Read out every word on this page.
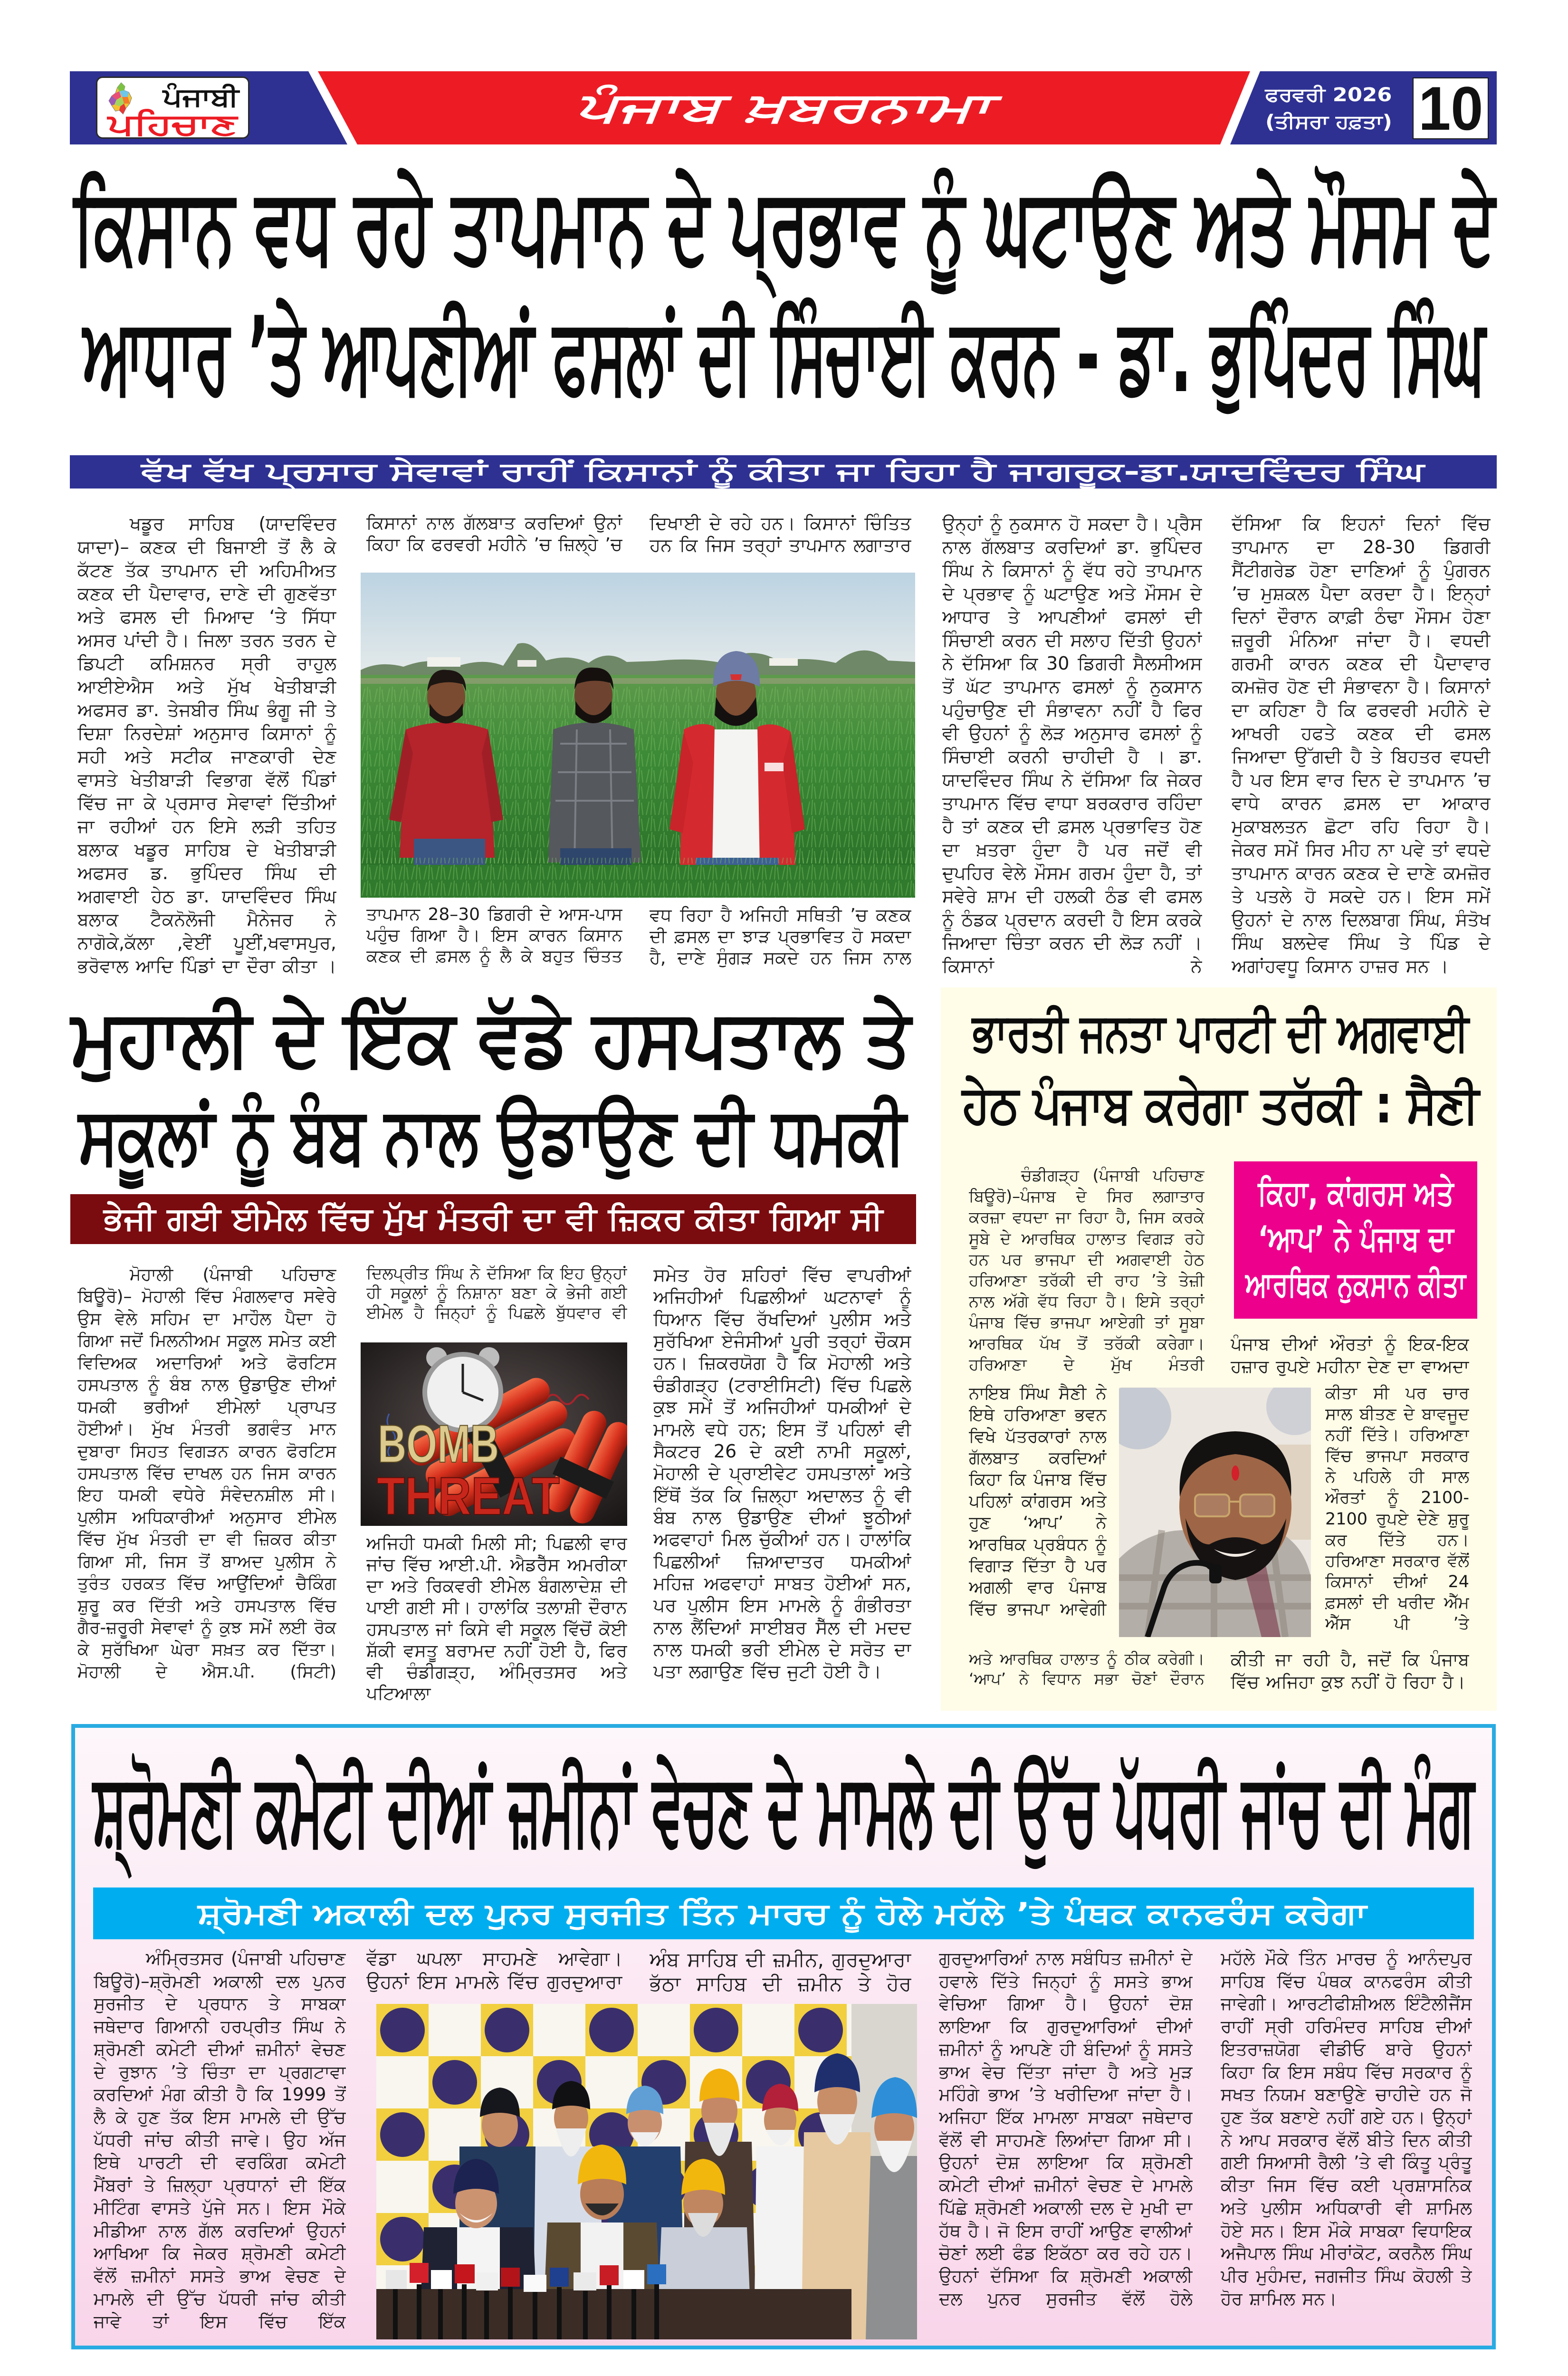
ਪੰਜਾਬੀ
ਪਹਿਚਾਣ	ਪੰਜਾਬ ਖ਼ਬਰਨਾਮਾ	ਫਰਵਰੀ 2026
(ਤੀਸਰਾ ਹਫ਼ਤਾ) 10
ਕਿਸਾਨ ਵਧ ਰਹੇ ਤਾਪਮਾਨ ਦੇ ਪ੍ਰਭਾਵ ਨੂੰ ਘਟਾਉਣ ਅਤੇ ਮੌਸਮ ਦੇ
ਆਧਾਰ ’ਤੇ ਆਪਣੀਆਂ ਫਸਲਾਂ ਦੀ ਸਿੰਚਾਈ ਕਰਨ - ਡਾ. ਭੁਪਿੰਦਰ ਸਿੰਘ
ਵੱਖ ਵੱਖ ਪ੍ਰਸਾਰ ਸੇਵਾਵਾਂ ਰਾਹੀਂ ਕਿਸਾਨਾਂ ਨੂੰ ਕੀਤਾ ਜਾ ਰਿਹਾ ਹੈ ਜਾਗਰੂਕ-ਡਾ.ਯਾਦਵਿੰਦਰ ਸਿੰਘ
ਖਡੂਰ ਸਾਹਿਬ (ਯਾਦਵਿੰਦਰ ਯਾਦਾ)– ਕਣਕ ਦੀ ਬਿਜਾਈ ਤੋਂ ਲੈ ਕੇ ਕੱਟਣ ਤੱਕ ਤਾਪਮਾਨ ਦੀ ਅਹਿਮੀਅਤ ਕਣਕ ਦੀ ਪੈਦਾਵਾਰ, ਦਾਣੇ ਦੀ ਗੁਣਵੱਤਾ ਅਤੇ ਫਸਲ ਦੀ ਮਿਆਦ ‘ਤੇ ਸਿੱਧਾ ਅਸਰ ਪਾਂਦੀ ਹੈ। ਜਿਲਾ ਤਰਨ ਤਰਨ ਦੇ ਡਿਪਟੀ ਕਮਿਸ਼ਨਰ ਸ੍ਰੀ ਰਾਹੁਲ ਆਈਏਐਸ ਅਤੇ ਮੁੱਖ ਖੇਤੀਬਾੜੀ ਅਫਸਰ ਡਾ. ਤੇਜਬੀਰ ਸਿੰਘ ਭੰਗੂ ਜੀ ਤੇ ਦਿਸ਼ਾ ਨਿਰਦੇਸ਼ਾਂ ਅਨੁਸਾਰ ਕਿਸਾਨਾਂ ਨੂੰ ਸਹੀ ਅਤੇ ਸਟੀਕ ਜਾਣਕਾਰੀ ਦੇਣ ਵਾਸਤੇ ਖੇਤੀਬਾੜੀ ਵਿਭਾਗ ਵੱਲੋਂ ਪਿੰਡਾਂ ਵਿੱਚ ਜਾ ਕੇ ਪ੍ਰਸਾਰ ਸੇਵਾਵਾਂ ਦਿੱਤੀਆਂ ਜਾ ਰਹੀਆਂ ਹਨ ਇਸੇ ਲੜੀ ਤਹਿਤ ਬਲਾਕ ਖਡੂਰ ਸਾਹਿਬ ਦੇ ਖੇਤੀਬਾੜੀ ਅਫਸਰ ਡ. ਭੁਪਿੰਦਰ ਸਿੰਘ ਦੀ ਅਗਵਾਈ ਹੇਠ ਡਾ. ਯਾਦਵਿੰਦਰ ਸਿੰਘ ਬਲਾਕ ਟੈਕਨੋਲੋਜੀ ਮੈਨੇਜਰ ਨੇ ਨਾਗੋਕੇ,ਕੱਲਾ ,ਵੇਈਂ ਪੂਈਂ,ਖਵਾਸਪੁਰ, ਭਰੋਵਾਲ ਆਦਿ ਪਿੰਡਾਂ ਦਾ ਦੌਰਾ ਕੀਤਾ ।
ਕਿਸਾਨਾਂ ਨਾਲ ਗੱਲਬਾਤ ਕਰਦਿਆਂ ਉਨਾਂ ਕਿਹਾ ਕਿ ਫਰਵਰੀ ਮਹੀਨੇ ’ਚ ਜ਼ਿਲ੍ਹੇ ’ਚ
ਦਿਖਾਈ ਦੇ ਰਹੇ ਹਨ। ਕਿਸਾਨਾਂ ਚਿੰਤਿਤ ਹਨ ਕਿ ਜਿਸ ਤਰ੍ਹਾਂ ਤਾਪਮਾਨ ਲਗਾਤਾਰ
ਤਾਪਮਾਨ 28–30 ਡਿਗਰੀ ਦੇ ਆਸ-ਪਾਸ ਪਹੁੰਚ ਗਿਆ ਹੈ। ਇਸ ਕਾਰਨ ਕਿਸਾਨ ਕਣਕ ਦੀ ਫ਼ਸਲ ਨੂੰ ਲੈ ਕੇ ਬਹੁਤ ਚਿੰਤਤ
ਵਧ ਰਿਹਾ ਹੈ ਅਜਿਹੀ ਸਥਿਤੀ ’ਚ ਕਣਕ ਦੀ ਫ਼ਸਲ ਦਾ ਝਾੜ ਪ੍ਰਭਾਵਿਤ ਹੋ ਸਕਦਾ ਹੈ, ਦਾਣੇ ਸੁੰਗੜ ਸਕਦੇ ਹਨ ਜਿਸ ਨਾਲ
ਉਨ੍ਹਾਂ ਨੂੰ ਨੁਕਸਾਨ ਹੋ ਸਕਦਾ ਹੈ। ਪ੍ਰੈਸ ਨਾਲ ਗੱਲਬਾਤ ਕਰਦਿਆਂ ਡਾ. ਭੁਪਿੰਦਰ ਸਿੰਘ ਨੇ ਕਿਸਾਨਾਂ ਨੂੰ ਵੱਧ ਰਹੇ ਤਾਪਮਾਨ ਦੇ ਪ੍ਰਭਾਵ ਨੂੰ ਘਟਾਉਣ ਅਤੇ ਮੌਸਮ ਦੇ ਆਧਾਰ ਤੇ ਆਪਣੀਆਂ ਫਸਲਾਂ ਦੀ ਸਿੰਚਾਈ ਕਰਨ ਦੀ ਸਲਾਹ ਦਿੱਤੀ ਉਹਨਾਂ ਨੇ ਦੱਸਿਆ ਕਿ 30 ਡਿਗਰੀ ਸੈਲਸੀਅਸ ਤੋਂ ਘੱਟ ਤਾਪਮਾਨ ਫਸਲਾਂ ਨੂੰ ਨੁਕਸਾਨ ਪਹੁੰਚਾਉਣ ਦੀ ਸੰਭਾਵਨਾ ਨਹੀਂ ਹੈ ਫਿਰ ਵੀ ਉਹਨਾਂ ਨੂੰ ਲੋੜ ਅਨੁਸਾਰ ਫਸਲਾਂ ਨੂੰ ਸਿੰਚਾਈ ਕਰਨੀ ਚਾਹੀਦੀ ਹੈ । ਡਾ. ਯਾਦਵਿੰਦਰ ਸਿੰਘ ਨੇ ਦੱਸਿਆ ਕਿ ਜੇਕਰ ਤਾਪਮਾਨ ਵਿੱਚ ਵਾਧਾ ਬਰਕਰਾਰ ਰਹਿੰਦਾ ਹੈ ਤਾਂ ਕਣਕ ਦੀ ਫ਼ਸਲ ਪ੍ਰਭਾਵਿਤ ਹੋਣ ਦਾ ਖ਼ਤਰਾ ਹੁੰਦਾ ਹੈ ਪਰ ਜਦੋਂ ਵੀ ਦੁਪਹਿਰ ਵੇਲੇ ਮੌਸਮ ਗਰਮ ਹੁੰਦਾ ਹੈ, ਤਾਂ ਸਵੇਰੇ ਸ਼ਾਮ ਦੀ ਹਲਕੀ ਠੰਡ ਵੀ ਫਸਲ ਨੂੰ ਠੰਡਕ ਪ੍ਰਦਾਨ ਕਰਦੀ ਹੈ ਇਸ ਕਰਕੇ ਜਿਆਦਾ ਚਿੰਤਾ ਕਰਨ ਦੀ ਲੋੜ ਨਹੀਂ । ਕਿਸਾਨਾਂ ਨੇ
ਦੱਸਿਆ ਕਿ ਇਹਨਾਂ ਦਿਨਾਂ ਵਿੱਚ ਤਾਪਮਾਨ ਦਾ 28-30 ਡਿਗਰੀ ਸੈਂਟੀਗਰੇਡ ਹੋਣਾ ਦਾਣਿਆਂ ਨੂੰ ਪੁੰਗਰਨ ’ਚ ਮੁਸ਼ਕਲ ਪੈਦਾ ਕਰਦਾ ਹੈ। ਇਨ੍ਹਾਂ ਦਿਨਾਂ ਦੌਰਾਨ ਕਾਫ਼ੀ ਠੰਢਾ ਮੌਸਮ ਹੋਣਾ ਜ਼ਰੂਰੀ ਮੰਨਿਆ ਜਾਂਦਾ ਹੈ। ਵਧਦੀ ਗਰਮੀ ਕਾਰਨ ਕਣਕ ਦੀ ਪੈਦਾਵਾਰ ਕਮਜ਼ੋਰ ਹੋਣ ਦੀ ਸੰਭਾਵਨਾ ਹੈ। ਕਿਸਾਨਾਂ ਦਾ ਕਹਿਣਾ ਹੈ ਕਿ ਫਰਵਰੀ ਮਹੀਨੇ ਦੇ ਆਖਰੀ ਹਫਤੇ ਕਣਕ ਦੀ ਫਸਲ ਜਿਆਦਾ ਉੱਗਦੀ ਹੈ ਤੇ ਬਿਹਤਰ ਵਧਦੀ ਹੈ ਪਰ ਇਸ ਵਾਰ ਦਿਨ ਦੇ ਤਾਪਮਾਨ ’ਚ ਵਾਧੇ ਕਾਰਨ ਫ਼ਸਲ ਦਾ ਆਕਾਰ ਮੁਕਾਬਲਤਨ ਛੋਟਾ ਰਹਿ ਰਿਹਾ ਹੈ। ਜੇਕਰ ਸਮੇਂ ਸਿਰ ਮੀਹ ਨਾ ਪਵੇ ਤਾਂ ਵਧਦੇ ਤਾਪਮਾਨ ਕਾਰਨ ਕਣਕ ਦੇ ਦਾਣੇ ਕਮਜ਼ੋਰ ਤੇ ਪਤਲੇ ਹੋ ਸਕਦੇ ਹਨ। ਇਸ ਸਮੇਂ ਉਹਨਾਂ ਦੇ ਨਾਲ ਦਿਲਬਾਗ ਸਿੰਘ, ਸੰਤੋਖ ਸਿੰਘ ਬਲਦੇਵ ਸਿੰਘ ਤੇ ਪਿੰਡ ਦੇ ਅਗਾਂਹਵਧੂ ਕਿਸਾਨ ਹਾਜ਼ਰ ਸਨ ।
ਮੁਹਾਲੀ ਦੇ ਇੱਕ ਵੱਡੇ ਹਸਪਤਾਲ ਤੇ
ਸਕੂਲਾਂ ਨੂੰ ਬੰਬ ਨਾਲ ਉਡਾਉਣ ਦੀ ਧਮਕੀ
ਭੇਜੀ ਗਈ ਈਮੇਲ ਵਿੱਚ ਮੁੱਖ ਮੰਤਰੀ ਦਾ ਵੀ ਜ਼ਿਕਰ ਕੀਤਾ ਗਿਆ ਸੀ
ਮੋਹਾਲੀ (ਪੰਜਾਬੀ ਪਹਿਚਾਣ ਬਿਊਰੋ)– ਮੋਹਾਲੀ ਵਿੱਚ ਮੰਗਲਵਾਰ ਸਵੇਰੇ ਉਸ ਵੇਲੇ ਸਹਿਮ ਦਾ ਮਾਹੌਲ ਪੈਦਾ ਹੋ ਗਿਆ ਜਦੋਂ ਮਿਲਨੀਅਮ ਸਕੂਲ ਸਮੇਤ ਕਈ ਵਿਦਿਅਕ ਅਦਾਰਿਆਂ ਅਤੇ ਫੋਰਟਿਸ ਹਸਪਤਾਲ ਨੂੰ ਬੰਬ ਨਾਲ ਉਡਾਉਣ ਦੀਆਂ ਧਮਕੀ ਭਰੀਆਂ ਈਮੇਲਾਂ ਪ੍ਰਾਪਤ ਹੋਈਆਂ। ਮੁੱਖ ਮੰਤਰੀ ਭਗਵੰਤ ਮਾਨ ਦੁਬਾਰਾ ਸਿਹਤ ਵਿਗੜਨ ਕਾਰਨ ਫੋਰਟਿਸ ਹਸਪਤਾਲ ਵਿੱਚ ਦਾਖਲ ਹਨ ਜਿਸ ਕਾਰਨ ਇਹ ਧਮਕੀ ਵਧੇਰੇ ਸੰਵੇਦਨਸ਼ੀਲ ਸੀ। ਪੁਲੀਸ ਅਧਿਕਾਰੀਆਂ ਅਨੁਸਾਰ ਈਮੇਲ ਵਿੱਚ ਮੁੱਖ ਮੰਤਰੀ ਦਾ ਵੀ ਜ਼ਿਕਰ ਕੀਤਾ ਗਿਆ ਸੀ, ਜਿਸ ਤੋਂ ਬਾਅਦ ਪੁਲੀਸ ਨੇ ਤੁਰੰਤ ਹਰਕਤ ਵਿੱਚ ਆਉਂਦਿਆਂ ਚੈਕਿੰਗ ਸ਼ੁਰੂ ਕਰ ਦਿੱਤੀ ਅਤੇ ਹਸਪਤਾਲ ਵਿੱਚ ਗੈਰ-ਜ਼ਰੂਰੀ ਸੇਵਾਵਾਂ ਨੂੰ ਕੁਝ ਸਮੇਂ ਲਈ ਰੋਕ ਕੇ ਸੁਰੱਖਿਆ ਘੇਰਾ ਸਖ਼ਤ ਕਰ ਦਿੱਤਾ। ਮੋਹਾਲੀ ਦੇ ਐਸ.ਪੀ. (ਸਿਟੀ)
ਦਿਲਪ੍ਰੀਤ ਸਿੰਘ ਨੇ ਦੱਸਿਆ ਕਿ ਇਹ ਉਨ੍ਹਾਂ ਹੀ ਸਕੂਲਾਂ ਨੂੰ ਨਿਸ਼ਾਨਾ ਬਣਾ ਕੇ ਭੇਜੀ ਗਈ ਈਮੇਲ ਹੈ ਜਿਨ੍ਹਾਂ ਨੂੰ ਪਿਛਲੇ ਬੁੱਧਵਾਰ ਵੀ
BOMB
THREAT
ਅਜਿਹੀ ਧਮਕੀ ਮਿਲੀ ਸੀ; ਪਿਛਲੀ ਵਾਰ ਜਾਂਚ ਵਿੱਚ ਆਈ.ਪੀ. ਐਡਰੈੱਸ ਅਮਰੀਕਾ ਦਾ ਅਤੇ ਰਿਕਵਰੀ ਈਮੇਲ ਬੰਗਲਾਦੇਸ਼ ਦੀ ਪਾਈ ਗਈ ਸੀ। ਹਾਲਾਂਕਿ ਤਲਾਸ਼ੀ ਦੌਰਾਨ ਹਸਪਤਾਲ ਜਾਂ ਕਿਸੇ ਵੀ ਸਕੂਲ ਵਿੱਚੋਂ ਕੋਈ ਸ਼ੱਕੀ ਵਸਤੂ ਬਰਾਮਦ ਨਹੀਂ ਹੋਈ ਹੈ, ਫਿਰ ਵੀ ਚੰਡੀਗੜ੍ਹ, ਅੰਮ੍ਰਿਤਸਰ ਅਤੇ ਪਟਿਆਲਾ
ਸਮੇਤ ਹੋਰ ਸ਼ਹਿਰਾਂ ਵਿੱਚ ਵਾਪਰੀਆਂ ਅਜਿਹੀਆਂ ਪਿਛਲੀਆਂ ਘਟਨਾਵਾਂ ਨੂੰ ਧਿਆਨ ਵਿੱਚ ਰੱਖਦਿਆਂ ਪੁਲੀਸ ਅਤੇ ਸੁਰੱਖਿਆ ਏਜੰਸੀਆਂ ਪੂਰੀ ਤਰ੍ਹਾਂ ਚੌਕਸ ਹਨ। ਜ਼ਿਕਰਯੋਗ ਹੈ ਕਿ ਮੋਹਾਲੀ ਅਤੇ ਚੰਡੀਗੜ੍ਹ (ਟਰਾਈਸਿਟੀ) ਵਿੱਚ ਪਿਛਲੇ ਕੁਝ ਸਮੇਂ ਤੋਂ ਅਜਿਹੀਆਂ ਧਮਕੀਆਂ ਦੇ ਮਾਮਲੇ ਵਧੇ ਹਨ; ਇਸ ਤੋਂ ਪਹਿਲਾਂ ਵੀ ਸੈਕਟਰ 26 ਦੇ ਕਈ ਨਾਮੀ ਸਕੂਲਾਂ, ਮੋਹਾਲੀ ਦੇ ਪ੍ਰਾਈਵੇਟ ਹਸਪਤਾਲਾਂ ਅਤੇ ਇੱਥੋਂ ਤੱਕ ਕਿ ਜ਼ਿਲ੍ਹਾ ਅਦਾਲਤ ਨੂੰ ਵੀ ਬੰਬ ਨਾਲ ਉਡਾਉਣ ਦੀਆਂ ਝੂਠੀਆਂ ਅਫਵਾਹਾਂ ਮਿਲ ਚੁੱਕੀਆਂ ਹਨ। ਹਾਲਾਂਕਿ ਪਿਛਲੀਆਂ ਜ਼ਿਆਦਾਤਰ ਧਮਕੀਆਂ ਮਹਿਜ਼ ਅਫਵਾਹਾਂ ਸਾਬਤ ਹੋਈਆਂ ਸਨ, ਪਰ ਪੁਲੀਸ ਇਸ ਮਾਮਲੇ ਨੂੰ ਗੰਭੀਰਤਾ ਨਾਲ ਲੈਂਦਿਆਂ ਸਾਈਬਰ ਸੈੱਲ ਦੀ ਮਦਦ ਨਾਲ ਧਮਕੀ ਭਰੀ ਈਮੇਲ ਦੇ ਸਰੋਤ ਦਾ ਪਤਾ ਲਗਾਉਣ ਵਿੱਚ ਜੁਟੀ ਹੋਈ ਹੈ।
ਭਾਰਤੀ ਜਨਤਾ ਪਾਰਟੀ ਦੀ ਅਗਵਾਈ
ਹੇਠ ਪੰਜਾਬ ਕਰੇਗਾ ਤਰੱਕੀ : ਸੈਣੀ
ਕਿਹਾ, ਕਾਂਗਰਸ ਅਤੇ
‘ਆਪ’ ਨੇ ਪੰਜਾਬ ਦਾ
ਆਰਥਿਕ ਨੁਕਸਾਨ ਕੀਤਾ
ਚੰਡੀਗੜ੍ਹ (ਪੰਜਾਬੀ ਪਹਿਚਾਣ ਬਿਊਰੋ)–ਪੰਜਾਬ ਦੇ ਸਿਰ ਲਗਾਤਾਰ ਕਰਜ਼ਾ ਵਧਦਾ ਜਾ ਰਿਹਾ ਹੈ, ਜਿਸ ਕਰਕੇ ਸੂਬੇ ਦੇ ਆਰਥਿਕ ਹਾਲਾਤ ਵਿਗੜ ਰਹੇ ਹਨ ਪਰ ਭਾਜਪਾ ਦੀ ਅਗਵਾਈ ਹੇਠ ਹਰਿਆਣਾ ਤਰੱਕੀ ਦੀ ਰਾਹ ’ਤੇ ਤੇਜ਼ੀ ਨਾਲ ਅੱਗੇ ਵੱਧ ਰਿਹਾ ਹੈ। ਇਸੇ ਤਰ੍ਹਾਂ ਪੰਜਾਬ ਵਿੱਚ ਭਾਜਪਾ ਆਏਗੀ ਤਾਂ ਸੂਬਾ ਆਰਥਿਕ ਪੱਖ ਤੋਂ ਤਰੱਕੀ ਕਰੇਗਾ। ਹਰਿਆਣਾ ਦੇ ਮੁੱਖ ਮੰਤਰੀ
ਨਾਇਬ ਸਿੰਘ ਸੈਣੀ ਨੇ ਇਥੇ ਹਰਿਆਣਾ ਭਵਨ ਵਿਖੇ ਪੱਤਰਕਾਰਾਂ ਨਾਲ ਗੱਲਬਾਤ ਕਰਦਿਆਂ ਕਿਹਾ ਕਿ ਪੰਜਾਬ ਵਿੱਚ ਪਹਿਲਾਂ ਕਾਂਗਰਸ ਅਤੇ ਹੁਣ ‘ਆਪ’ ਨੇ ਆਰਥਿਕ ਪ੍ਰਬੰਧਨ ਨੂੰ ਵਿਗਾੜ ਦਿੱਤਾ ਹੈ ਪਰ ਅਗਲੀ ਵਾਰ ਪੰਜਾਬ ਵਿੱਚ ਭਾਜਪਾ ਆਵੇਗੀ
ਅਤੇ ਆਰਥਿਕ ਹਾਲਾਤ ਨੂੰ ਠੀਕ ਕਰੇਗੀ। ‘ਆਪ’ ਨੇ ਵਿਧਾਨ ਸਭਾ ਚੋਣਾਂ ਦੌਰਾਨ
ਪੰਜਾਬ ਦੀਆਂ ਔਰਤਾਂ ਨੂੰ ਇਕ-ਇਕ ਹਜ਼ਾਰ ਰੁਪਏ ਮਹੀਨਾ ਦੇਣ ਦਾ ਵਾਅਦਾ
ਕੀਤਾ ਸੀ ਪਰ ਚਾਰ ਸਾਲ ਬੀਤਣ ਦੇ ਬਾਵਜੂਦ ਨਹੀਂ ਦਿੱਤੇ। ਹਰਿਆਣਾ ਵਿੱਚ ਭਾਜਪਾ ਸਰਕਾਰ ਨੇ ਪਹਿਲੇ ਹੀ ਸਾਲ ਔਰਤਾਂ ਨੂੰ 2100-2100 ਰੁਪਏ ਦੇਣੇ ਸ਼ੁਰੂ ਕਰ ਦਿੱਤੇ ਹਨ। ਹਰਿਆਣਾ ਸਰਕਾਰ ਵੱਲੋਂ ਕਿਸਾਨਾਂ ਦੀਆਂ 24 ਫ਼ਸਲਾਂ ਦੀ ਖਰੀਦ ਐੱਮ ਐੱਸ ਪੀ ’ਤੇ
ਕੀਤੀ ਜਾ ਰਹੀ ਹੈ, ਜਦੋਂ ਕਿ ਪੰਜਾਬ ਵਿੱਚ ਅਜਿਹਾ ਕੁਝ ਨਹੀਂ ਹੋ ਰਿਹਾ ਹੈ।
ਸ਼੍ਰੋਮਣੀ ਕਮੇਟੀ ਦੀਆਂ ਜ਼ਮੀਨਾਂ ਵੇਚਣ ਦੇ ਮਾਮਲੇ ਦੀ ਉੱਚ ਪੱਧਰੀ ਜਾਂਚ ਦੀ ਮੰਗ
ਸ਼੍ਰੋਮਣੀ ਅਕਾਲੀ ਦਲ ਪੁਨਰ ਸੁਰਜੀਤ ਤਿੰਨ ਮਾਰਚ ਨੂੰ ਹੋਲੇ ਮਹੱਲੇ ’ਤੇ ਪੰਥਕ ਕਾਨਫਰੰਸ ਕਰੇਗਾ
ਅੰਮ੍ਰਿਤਸਰ (ਪੰਜਾਬੀ ਪਹਿਚਾਣ ਬਿਊਰੋ)–ਸ਼੍ਰੋਮਣੀ ਅਕਾਲੀ ਦਲ ਪੁਨਰ ਸੁਰਜੀਤ ਦੇ ਪ੍ਰਧਾਨ ਤੇ ਸਾਬਕਾ ਜਥੇਦਾਰ ਗਿਆਨੀ ਹਰਪ੍ਰੀਤ ਸਿੰਘ ਨੇ ਸ਼੍ਰੋਮਣੀ ਕਮੇਟੀ ਦੀਆਂ ਜ਼ਮੀਨਾਂ ਵੇਚਣ ਦੇ ਰੁਝਾਨ ’ਤੇ ਚਿੰਤਾ ਦਾ ਪ੍ਰਗਟਾਵਾ ਕਰਦਿਆਂ ਮੰਗ ਕੀਤੀ ਹੈ ਕਿ 1999 ਤੋਂ ਲੈ ਕੇ ਹੁਣ ਤੱਕ ਇਸ ਮਾਮਲੇ ਦੀ ਉੱਚ ਪੱਧਰੀ ਜਾਂਚ ਕੀਤੀ ਜਾਵੇ। ਉਹ ਅੱਜ ਇਥੇ ਪਾਰਟੀ ਦੀ ਵਰਕਿੰਗ ਕਮੇਟੀ ਮੈਂਬਰਾਂ ਤੇ ਜ਼ਿਲ੍ਹਾ ਪ੍ਰਧਾਨਾਂ ਦੀ ਇੱਕ ਮੀਟਿੰਗ ਵਾਸਤੇ ਪੁੱਜੇ ਸਨ। ਇਸ ਮੌਕੇ ਮੀਡੀਆ ਨਾਲ ਗੱਲ ਕਰਦਿਆਂ ਉਹਨਾਂ ਆਖਿਆ ਕਿ ਜੇਕਰ ਸ਼੍ਰੋਮਣੀ ਕਮੇਟੀ ਵੱਲੋਂ ਜ਼ਮੀਨਾਂ ਸਸਤੇ ਭਾਅ ਵੇਚਣ ਦੇ ਮਾਮਲੇ ਦੀ ਉੱਚ ਪੱਧਰੀ ਜਾਂਚ ਕੀਤੀ ਜਾਵੇ ਤਾਂ ਇਸ ਵਿੱਚ ਇੱਕ
ਵੱਡਾ ਘਪਲਾ ਸਾਹਮਣੇ ਆਵੇਗਾ। ਉਹਨਾਂ ਇਸ ਮਾਮਲੇ ਵਿੱਚ ਗੁਰਦੁਆਰਾ
ਅੰਬ ਸਾਹਿਬ ਦੀ ਜ਼ਮੀਨ, ਗੁਰਦੁਆਰਾ ਭੱਠਾ ਸਾਹਿਬ ਦੀ ਜ਼ਮੀਨ ਤੇ ਹੋਰ
ਗੁਰਦੁਆਰਿਆਂ ਨਾਲ ਸਬੰਧਿਤ ਜ਼ਮੀਨਾਂ ਦੇ ਹਵਾਲੇ ਦਿੱਤੇ ਜਿਨ੍ਹਾਂ ਨੂੰ ਸਸਤੇ ਭਾਅ ਵੇਚਿਆ ਗਿਆ ਹੈ। ਉਹਨਾਂ ਦੋਸ਼ ਲਾਇਆ ਕਿ ਗੁਰਦੁਆਰਿਆਂ ਦੀਆਂ ਜ਼ਮੀਨਾਂ ਨੂੰ ਆਪਣੇ ਹੀ ਬੰਦਿਆਂ ਨੂੰ ਸਸਤੇ ਭਾਅ ਵੇਚ ਦਿੱਤਾ ਜਾਂਦਾ ਹੈ ਅਤੇ ਮੁੜ ਮਹਿੰਗੇ ਭਾਅ ’ਤੇ ਖਰੀਦਿਆ ਜਾਂਦਾ ਹੈ। ਅਜਿਹਾ ਇੱਕ ਮਾਮਲਾ ਸਾਬਕਾ ਜਥੇਦਾਰ ਵੱਲੋਂ ਵੀ ਸਾਹਮਣੇ ਲਿਆਂਦਾ ਗਿਆ ਸੀ। ਉਹਨਾਂ ਦੋਸ਼ ਲਾਇਆ ਕਿ ਸ਼੍ਰੋਮਣੀ ਕਮੇਟੀ ਦੀਆਂ ਜ਼ਮੀਨਾਂ ਵੇਚਣ ਦੇ ਮਾਮਲੇ ਪਿੱਛੇ ਸ਼੍ਰੋਮਣੀ ਅਕਾਲੀ ਦਲ ਦੇ ਮੁਖੀ ਦਾ ਹੱਥ ਹੈ। ਜੋ ਇਸ ਰਾਹੀਂ ਆਉਣ ਵਾਲੀਆਂ ਚੋਣਾਂ ਲਈ ਫੰਡ ਇਕੱਠਾ ਕਰ ਰਹੇ ਹਨ। ਉਹਨਾਂ ਦੱਸਿਆ ਕਿ ਸ਼੍ਰੋਮਣੀ ਅਕਾਲੀ ਦਲ ਪੁਨਰ ਸੁਰਜੀਤ ਵੱਲੋਂ ਹੋਲੇ
ਮਹੱਲੇ ਮੌਕੇ ਤਿੰਨ ਮਾਰਚ ਨੂੰ ਆਨੰਦਪੁਰ ਸਾਹਿਬ ਵਿੱਚ ਪੰਥਕ ਕਾਨਫਰੰਸ ਕੀਤੀ ਜਾਵੇਗੀ। ਆਰਟੀਫੀਸ਼ੀਅਲ ਇੰਟੈਲੀਜੈਂਸ ਰਾਹੀਂ ਸ੍ਰੀ ਹਰਿਮੰਦਰ ਸਾਹਿਬ ਦੀਆਂ ਇਤਰਾਜ਼ਯੋਗ ਵੀਡੀਓ ਬਾਰੇ ਉਹਨਾਂ ਕਿਹਾ ਕਿ ਇਸ ਸਬੰਧ ਵਿੱਚ ਸਰਕਾਰ ਨੂੰ ਸਖਤ ਨਿਯਮ ਬਣਾਉਣੇ ਚਾਹੀਦੇ ਹਨ ਜੋ ਹੁਣ ਤੱਕ ਬਣਾਏ ਨਹੀਂ ਗਏ ਹਨ। ਉਨ੍ਹਾਂ ਨੇ ਆਪ ਸਰਕਾਰ ਵੱਲੋਂ ਬੀਤੇ ਦਿਨ ਕੀਤੀ ਗਈ ਸਿਆਸੀ ਰੈਲੀ ’ਤੇ ਵੀ ਕਿੰਤੂ ਪ੍ਰੰਤੂ ਕੀਤਾ ਜਿਸ ਵਿੱਚ ਕਈ ਪ੍ਰਸ਼ਾਸਨਿਕ ਅਤੇ ਪੁਲੀਸ ਅਧਿਕਾਰੀ ਵੀ ਸ਼ਾਮਿਲ ਹੋਏ ਸਨ। ਇਸ ਮੌਕੇ ਸਾਬਕਾ ਵਿਧਾਇਕ ਅਜੈਪਾਲ ਸਿੰਘ ਮੀਰਾਂਕੋਟ, ਕਰਨੈਲ ਸਿੰਘ ਪੀਰ ਮੁਹੰਮਦ, ਜਗਜੀਤ ਸਿੰਘ ਕੋਹਲੀ ਤੇ ਹੋਰ ਸ਼ਾਮਿਲ ਸਨ।
